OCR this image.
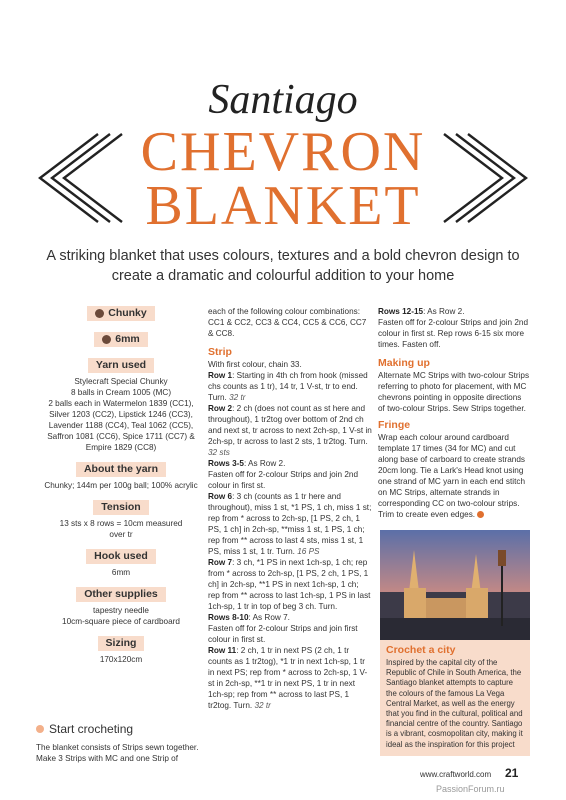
Santiago
CHEVRON
BLANKET
A striking blanket that uses colours, textures and a bold chevron design to create a dramatic and colourful addition to your home
Chunky
6mm
Yarn used
Stylecraft Special Chunky
8 balls in Cream 1005 (MC)
2 balls each in Watermelon 1839 (CC1),
Silver 1203 (CC2), Lipstick 1246 (CC3),
Lavender 1188 (CC4), Teal 1062 (CC5),
Saffron 1081 (CC6), Spice 1711 (CC7) &
Empire 1829 (CC8)
About the yarn
Chunky; 144m per 100g ball; 100% acrylic
Tension
13 sts x 8 rows = 10cm measured
over tr
Hook used
6mm
Other supplies
tapestry needle
10cm-square piece of cardboard
Sizing
170x120cm
Start crocheting
The blanket consists of Strips sewn together. Make 3 Strips with MC and one Strip of
each of the following colour combinations: CC1 & CC2, CC3 & CC4, CC5 & CC6, CC7 & CC8.
Strip
With first colour, chain 33.
Row 1: Starting in 4th ch from hook (missed chs counts as 1 tr), 14 tr, 1 V-st, tr to end. Turn. 32 tr
Row 2: 2 ch (does not count as st here and throughout), 1 tr2tog over bottom of 2nd ch and next st, tr across to next 2ch-sp, 1 V-st in 2ch-sp, tr across to last 2 sts, 1 tr2tog. Turn. 32 sts
Rows 3-5: As Row 2.
Fasten off for 2-colour Strips and join 2nd colour in first st.
Row 6: 3 ch (counts as 1 tr here and throughout), miss 1 st, *1 PS, 1 ch, miss 1 st; rep from * across to 2ch-sp, [1 PS, 2 ch, 1 PS, 1 ch] in 2ch-sp, **miss 1 st, 1 PS, 1 ch; rep from ** across to last 4 sts, miss 1 st, 1 PS, miss 1 st, 1 tr. Turn. 16 PS
Row 7: 3 ch, *1 PS in next 1ch-sp, 1 ch; rep from * across to 2ch-sp, [1 PS, 2 ch, 1 PS, 1 ch] in 2ch-sp, **1 PS in next 1ch-sp, 1 ch; rep from ** across to last 1ch-sp, 1 PS in last 1ch-sp, 1 tr in top of beg 3 ch. Turn.
Rows 8-10: As Row 7.
Fasten off for 2-colour Strips and join first colour in first st.
Row 11: 2 ch, 1 tr in next PS (2 ch, 1 tr counts as 1 tr2tog), *1 tr in next 1ch-sp, 1 tr in next PS; rep from * across to 2ch-sp, 1 V-st in 2ch-sp, **1 tr in next PS, 1 tr in next 1ch-sp; rep from ** across to last PS, 1 tr2tog. Turn. 32 tr
Rows 12-15: As Row 2.
Fasten off for 2-colour Strips and join 2nd colour in first st. Rep rows 6-15 six more times. Fasten off.
Making up
Alternate MC Strips with two-colour Strips referring to photo for placement, with MC chevrons pointing in opposite directions of two-colour Strips. Sew Strips together.
Fringe
Wrap each colour around cardboard template 17 times (34 for MC) and cut along base of carboard to create strands 20cm long. Tie a Lark's Head knot using one strand of MC yarn in each end stitch on MC Strips, alternate strands in corresponding CC on two-colour strips. Trim to create even edges.
Crochet a city
Inspired by the capital city of the Republic of Chile in South America, the Santiago blanket attempts to capture the colours of the famous La Vega Central Market, as well as the energy that you find in the cultural, political and financial centre of the country. Santiago is a vibrant, cosmopolitan city, making it ideal as the inspiration for this project
www.craftworld.com 21
PassionForum.ru
